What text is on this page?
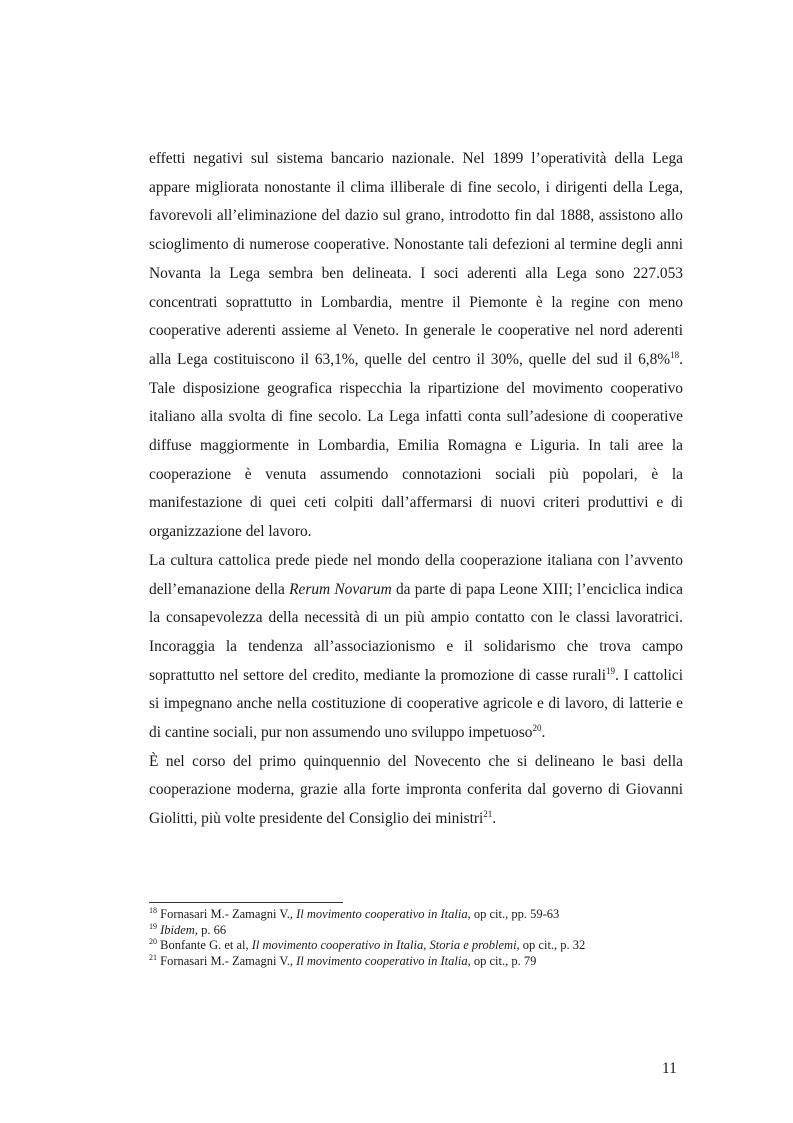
effetti negativi sul sistema bancario nazionale. Nel 1899 l’operatività della Lega appare migliorata nonostante il clima illiberale di fine secolo, i dirigenti della Lega, favorevoli all’eliminazione del dazio sul grano, introdotto fin dal 1888, assistono allo scioglimento di numerose cooperative. Nonostante tali defezioni al termine degli anni Novanta la Lega sembra ben delineata. I soci aderenti alla Lega sono 227.053 concentrati soprattutto in Lombardia, mentre il Piemonte è la regine con meno cooperative aderenti assieme al Veneto. In generale le cooperative nel nord aderenti alla Lega costituiscono il 63,1%, quelle del centro il 30%, quelle del sud il 6,8%$^{18}$. Tale disposizione geografica rispecchia la ripartizione del movimento cooperativo italiano alla svolta di fine secolo. La Lega infatti conta sull’adesione di cooperative diffuse maggiormente in Lombardia, Emilia Romagna e Liguria. In tali aree la cooperazione è venuta assumendo connotazioni sociali più popolari, è la manifestazione di quei ceti colpiti dall’affermarsi di nuovi criteri produttivi e di organizzazione del lavoro.

La cultura cattolica prede piede nel mondo della cooperazione italiana con l’avvento dell’emanazione della Rerum Novarum da parte di papa Leone XIII; l’enciclica indica la consapevolezza della necessità di un più ampio contatto con le classi lavoratrici. Incoraggia la tendenza all’associazionismo e il solidarismo che trova campo soprattutto nel settore del credito, mediante la promozione di casse rurali$^{19}$. I cattolici si impegnano anche nella costituzione di cooperative agricole e di lavoro, di latterie e di cantine sociali, pur non assumendo uno sviluppo impetuoso$^{20}$.

È nel corso del primo quinquennio del Novecento che si delineano le basi della cooperazione moderna, grazie alla forte impronta conferita dal governo di Giovanni Giolitti, più volte presidente del Consiglio dei ministri$^{21}$.

$^{18}$ Fornasari M.- Zamagni V., Il movimento cooperativo in Italia, op cit., pp. 59-63
$^{19}$ Ibidem, p. 66
$^{20}$ Bonfante G. et al, Il movimento cooperativo in Italia, Storia e problemi, op cit., p. 32
$^{21}$ Fornasari M.- Zamagni V., Il movimento cooperativo in Italia, op cit., p. 79
11
